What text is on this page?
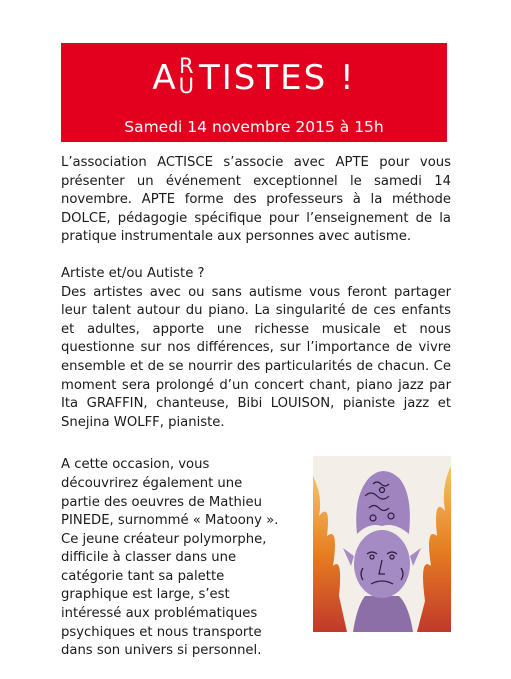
A R
U TISTES !
Samedi 14 novembre 2015 à 15h

L’association ACTISCE s’associe avec APTE pour vous présenter un événement exceptionnel le samedi 14 novembre. APTE forme des professeurs à la méthode DOLCE, pédagogie spécifique pour l’enseignement de la pratique instrumentale aux personnes avec autisme.

Artiste et/ou Autiste ?

Des artistes avec ou sans autisme vous feront partager leur talent autour du piano. La singularité de ces enfants et adultes, apporte une richesse musicale et nous questionne sur nos différences, sur l’importance de vivre ensemble et de se nourrir des particularités de chacun. Ce moment sera prolongé d’un concert chant, piano jazz par Ita GRAFFIN, chanteuse, Bibi LOUISON, pianiste jazz et Snejina WOLFF, pianiste.

A cette occasion, vous découvrirez également une partie des oeuvres de Mathieu PINEDE, surnommé « Matoony ». Ce jeune créateur polymorphe, difficile à classer dans une catégorie tant sa palette graphique est large, s’est intéressé aux problématiques psychiques et nous transporte dans son univers si personnel.
